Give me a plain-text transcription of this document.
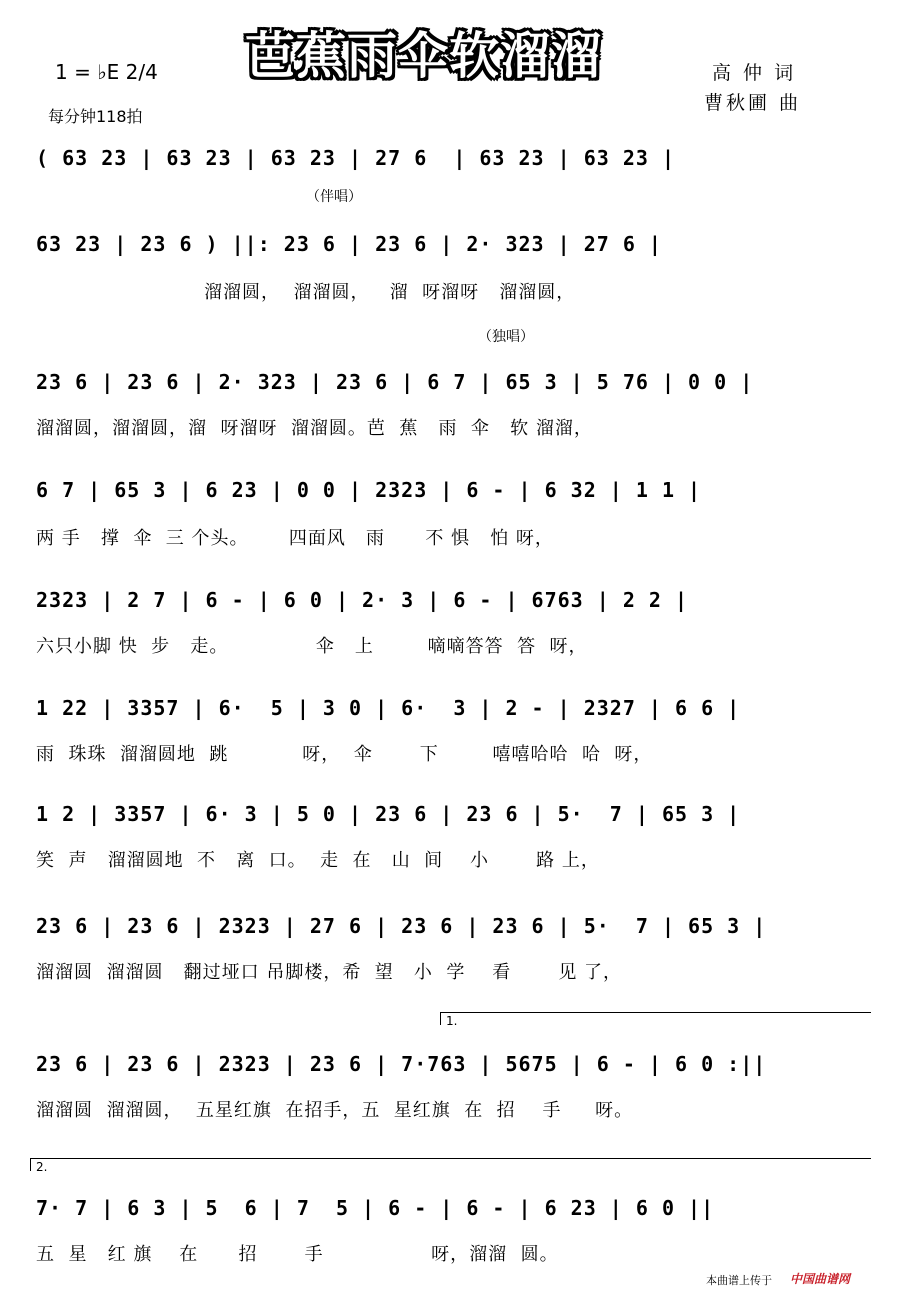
芭蕉雨伞软溜溜
1 = ♭E 2/4
每分钟118拍
高 仲 词
曹秋圃 曲
( 63 23 | 63 23 | 63 23 | 27 6  | 63 23 | 63 23 |
（伴唱）
63 23 | 23 6 ) ||: 23 6 | 23 6 | 2· 323 | 27 6 |
溜溜圆，  溜溜圆，   溜  呀溜呀   溜溜圆，
（独唱）
23 6 | 23 6 | 2· 323 | 23 6 | 6 7 | 65 3 | 5 76 | 0 0 |
溜溜圆，溜溜圆，溜  呀溜呀  溜溜圆。芭  蕉   雨  伞   软 溜溜，
6 7 | 65 3 | 6 23 | 0 0 | 2323 | 6 - | 6 32 | 1 1 |
两 手   撑  伞  三 个头。      四面风   雨      不 惧   怕 呀，
2323 | 2 7 | 6 - | 6 0 | 2· 3 | 6 - | 6763 | 2 2 |
六只小脚 快  步   走。             伞   上        嘀嘀答答  答  呀，
1 22 | 3357 | 6·  5 | 3 0 | 6·  3 | 2 - | 2327 | 6 6 |
雨  珠珠  溜溜圆地  跳           呀，  伞       下        嘻嘻哈哈  哈  呀，
1 2 | 3357 | 6· 3 | 5 0 | 23 6 | 23 6 | 5·  7 | 65 3 |
笑  声   溜溜圆地  不   离  口。  走  在   山  间    小       路 上，
23 6 | 23 6 | 2323 | 27 6 | 23 6 | 23 6 | 5·  7 | 65 3 |
溜溜圆  溜溜圆   翻过垭口 吊脚楼，希  望   小  学    看       见 了，
1.
23 6 | 23 6 | 2323 | 23 6 | 7·763 | 5675 | 6 - | 6 0 :||
溜溜圆  溜溜圆，  五星红旗  在招手，五  星红旗  在  招    手     呀。
2.
7· 7 | 6 3 | 5  6 | 7  5 | 6 - | 6 - | 6 23 | 6 0 ||
五  星   红 旗    在      招       手                呀，溜溜  圆。
本曲谱上传于 中国曲谱网
